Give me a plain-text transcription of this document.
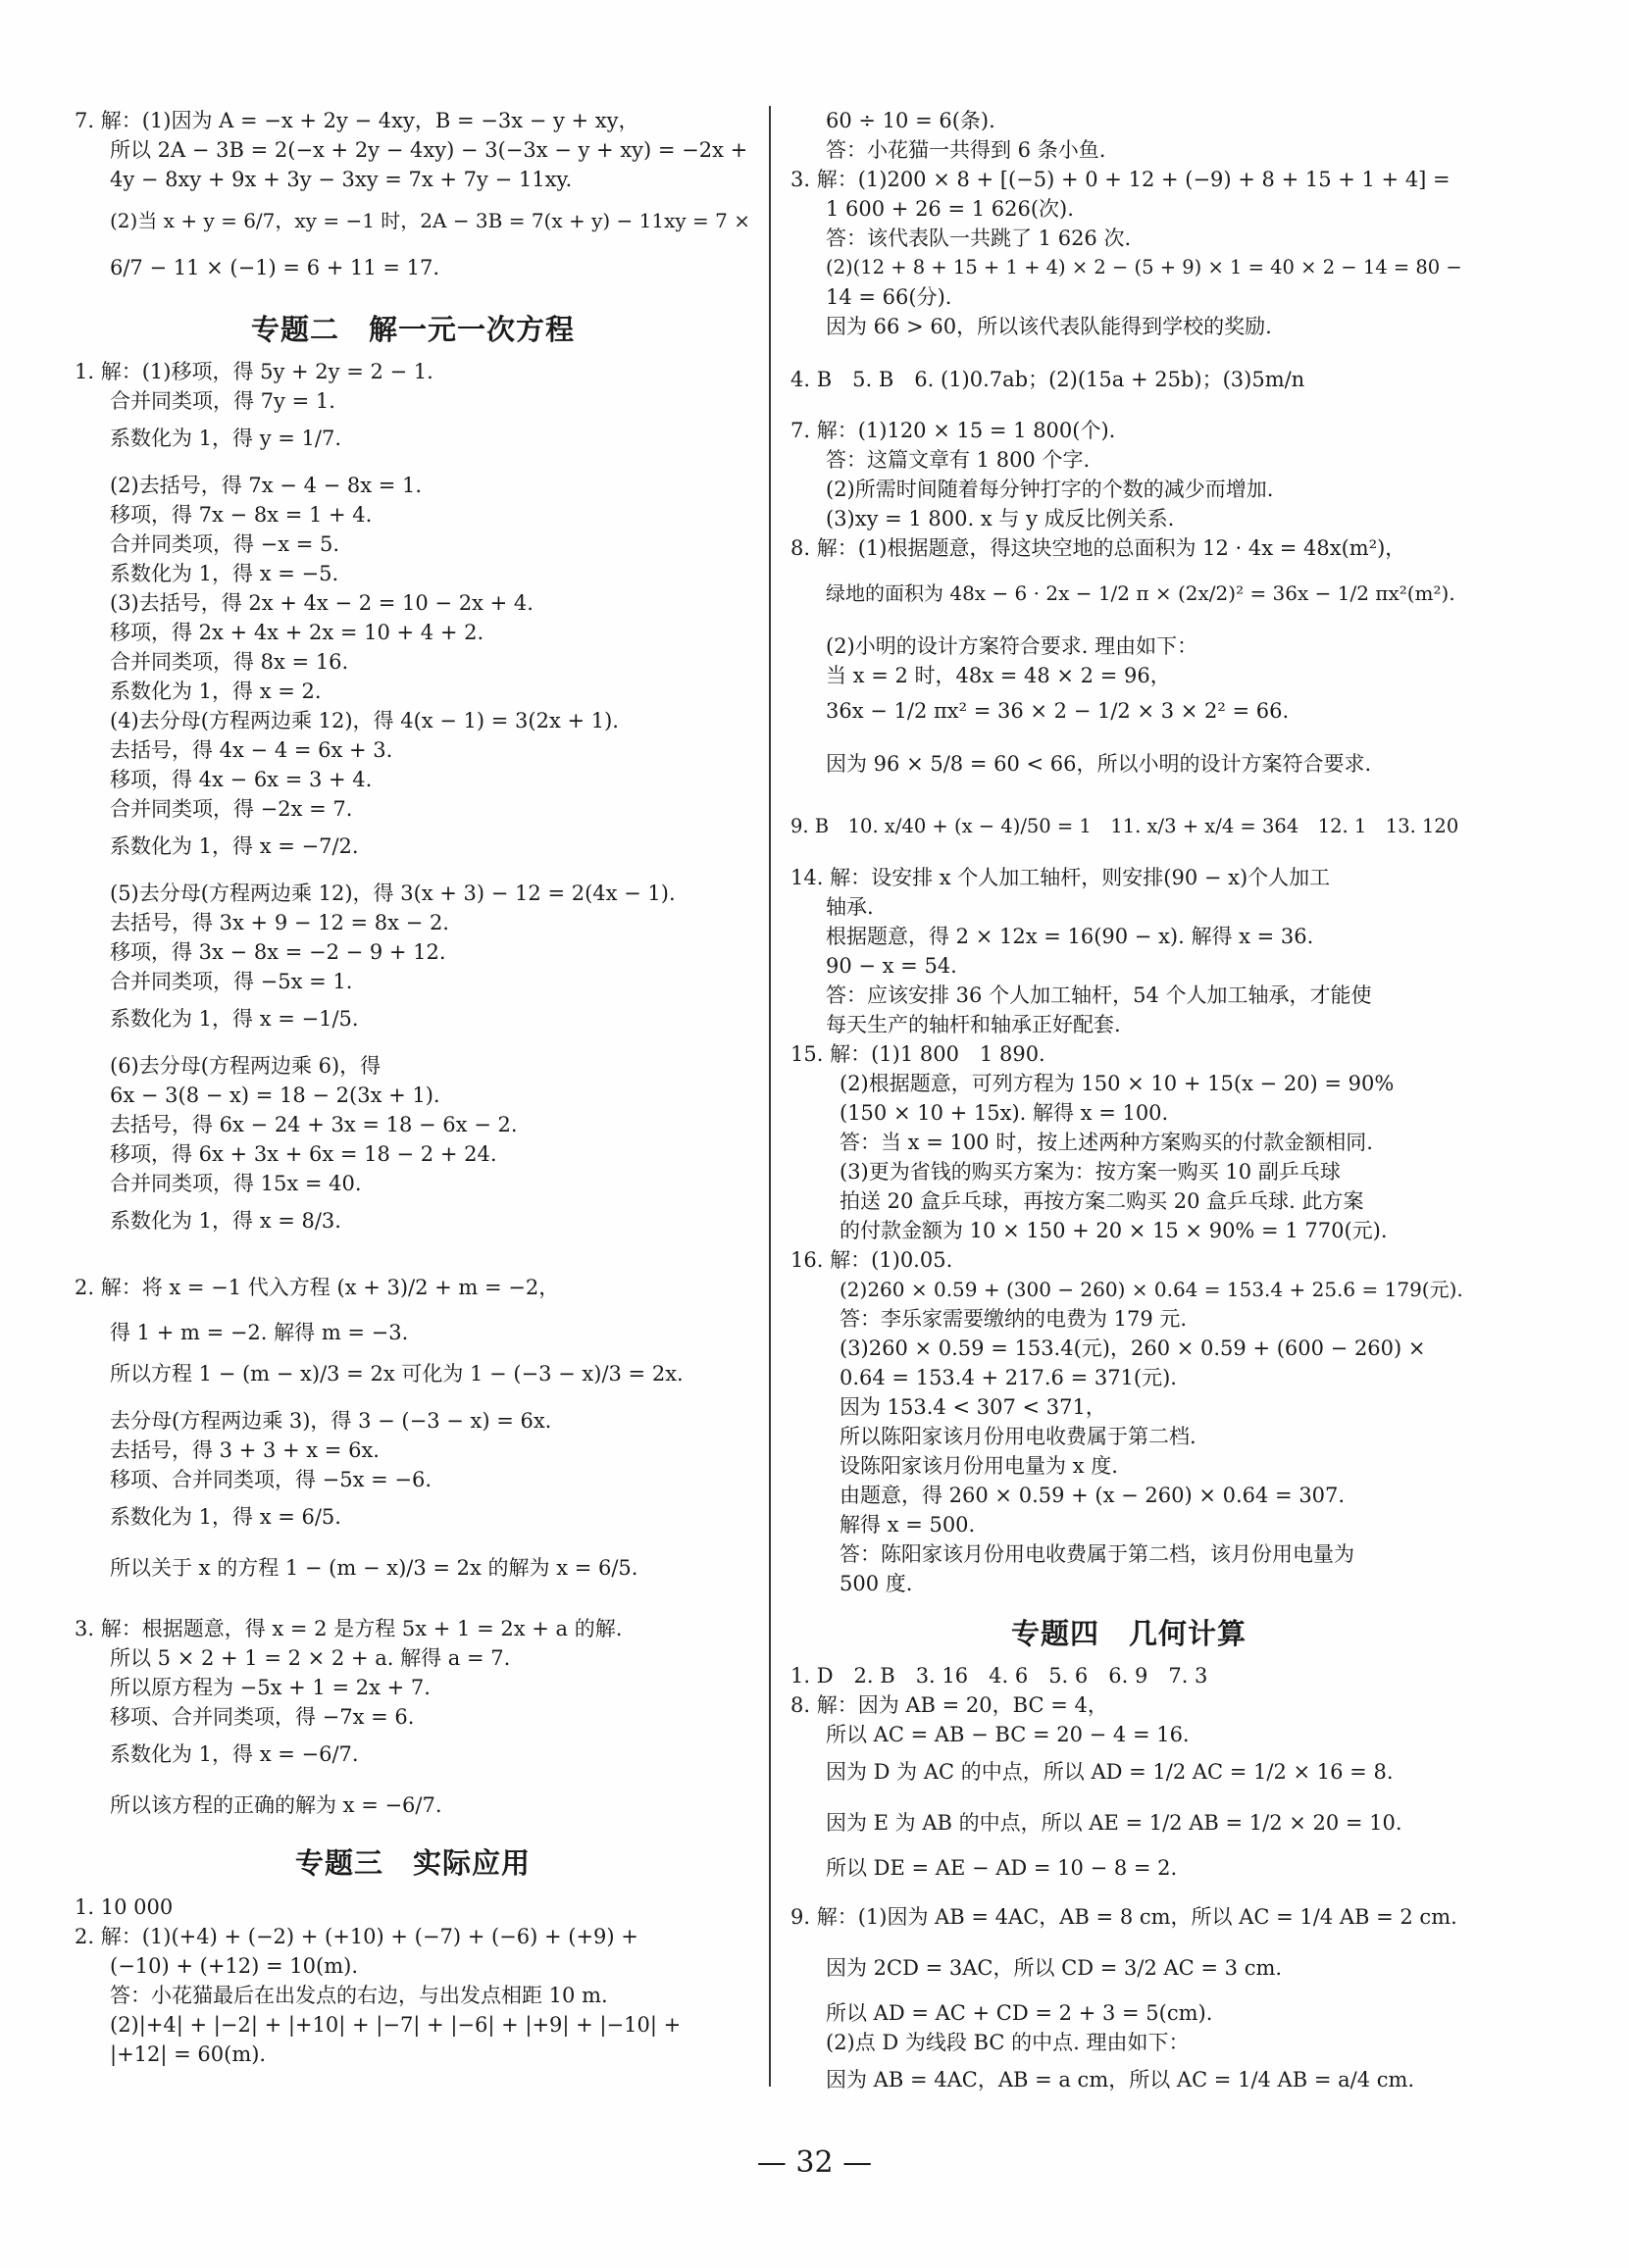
7. 解：(1)因为 A = −x + 2y − 4xy，B = −3x − y + xy，
所以 2A − 3B = 2(−x + 2y − 4xy) − 3(−3x − y + xy) = −2x +
4y − 8xy + 9x + 3y − 3xy = 7x + 7y − 11xy.
(2)当 x + y = 6/7，xy = −1 时，2A − 3B = 7(x + y) − 11xy = 7 ×
6/7 − 11 × (−1) = 6 + 11 = 17.
专题二　解一元一次方程
1. 解：(1)移项，得 5y + 2y = 2 − 1.
合并同类项，得 7y = 1.
系数化为 1，得 y = 1/7.
(2)去括号，得 7x − 4 − 8x = 1.
移项，得 7x − 8x = 1 + 4.
合并同类项，得 −x = 5.
系数化为 1，得 x = −5.
(3)去括号，得 2x + 4x − 2 = 10 − 2x + 4.
移项，得 2x + 4x + 2x = 10 + 4 + 2.
合并同类项，得 8x = 16.
系数化为 1，得 x = 2.
(4)去分母(方程两边乘 12)，得 4(x − 1) = 3(2x + 1).
去括号，得 4x − 4 = 6x + 3.
移项，得 4x − 6x = 3 + 4.
合并同类项，得 −2x = 7.
系数化为 1，得 x = −7/2.
(5)去分母(方程两边乘 12)，得 3(x + 3) − 12 = 2(4x − 1).
去括号，得 3x + 9 − 12 = 8x − 2.
移项，得 3x − 8x = −2 − 9 + 12.
合并同类项，得 −5x = 1.
系数化为 1，得 x = −1/5.
(6)去分母(方程两边乘 6)，得
6x − 3(8 − x) = 18 − 2(3x + 1).
去括号，得 6x − 24 + 3x = 18 − 6x − 2.
移项，得 6x + 3x + 6x = 18 − 2 + 24.
合并同类项，得 15x = 40.
系数化为 1，得 x = 8/3.
2. 解：将 x = −1 代入方程 (x + 3)/2 + m = −2，
得 1 + m = −2. 解得 m = −3.
所以方程 1 − (m − x)/3 = 2x 可化为 1 − (−3 − x)/3 = 2x.
去分母(方程两边乘 3)，得 3 − (−3 − x) = 6x.
去括号，得 3 + 3 + x = 6x.
移项、合并同类项，得 −5x = −6.
系数化为 1，得 x = 6/5.
所以关于 x 的方程 1 − (m − x)/3 = 2x 的解为 x = 6/5.
3. 解：根据题意，得 x = 2 是方程 5x + 1 = 2x + a 的解.
所以 5 × 2 + 1 = 2 × 2 + a. 解得 a = 7.
所以原方程为 −5x + 1 = 2x + 7.
移项、合并同类项，得 −7x = 6.
系数化为 1，得 x = −6/7.
所以该方程的正确的解为 x = −6/7.
专题三　实际应用
1. 10 000
2. 解：(1)(+4) + (−2) + (+10) + (−7) + (−6) + (+9) +
(−10) + (+12) = 10(m).
答：小花猫最后在出发点的右边，与出发点相距 10 m.
(2)|+4| + |−2| + |+10| + |−7| + |−6| + |+9| + |−10| +
|+12| = 60(m).
60 ÷ 10 = 6(条).
答：小花猫一共得到 6 条小鱼.
3. 解：(1)200 × 8 + [(−5) + 0 + 12 + (−9) + 8 + 15 + 1 + 4] =
1 600 + 26 = 1 626(次).
答：该代表队一共跳了 1 626 次.
(2)(12 + 8 + 15 + 1 + 4) × 2 − (5 + 9) × 1 = 40 × 2 − 14 = 80 −
14 = 66(分).
因为 66 > 60，所以该代表队能得到学校的奖励.
4. B　5. B　6. (1)0.7ab；(2)(15a + 25b)；(3)5m/n
7. 解：(1)120 × 15 = 1 800(个).
答：这篇文章有 1 800 个字.
(2)所需时间随着每分钟打字的个数的减少而增加.
(3)xy = 1 800. x 与 y 成反比例关系.
8. 解：(1)根据题意，得这块空地的总面积为 12 · 4x = 48x(m²)，
绿地的面积为 48x − 6 · 2x − 1/2 π × (2x/2)² = 36x − 1/2 πx²(m²).
(2)小明的设计方案符合要求. 理由如下：
当 x = 2 时，48x = 48 × 2 = 96，
36x − 1/2 πx² = 36 × 2 − 1/2 × 3 × 2² = 66.
因为 96 × 5/8 = 60 < 66，所以小明的设计方案符合要求.
9. B　10. x/40 + (x − 4)/50 = 1　11. x/3 + x/4 = 364　12. 1　13. 120
14. 解：设安排 x 个人加工轴杆，则安排(90 − x)个人加工
轴承.
根据题意，得 2 × 12x = 16(90 − x). 解得 x = 36.
90 − x = 54.
答：应该安排 36 个人加工轴杆，54 个人加工轴承，才能使
每天生产的轴杆和轴承正好配套.
15. 解：(1)1 800　1 890.
(2)根据题意，可列方程为 150 × 10 + 15(x − 20) = 90%
(150 × 10 + 15x). 解得 x = 100.
答：当 x = 100 时，按上述两种方案购买的付款金额相同.
(3)更为省钱的购买方案为：按方案一购买 10 副乒乓球
拍送 20 盒乒乓球，再按方案二购买 20 盒乒乓球. 此方案
的付款金额为 10 × 150 + 20 × 15 × 90% = 1 770(元).
16. 解：(1)0.05.
(2)260 × 0.59 + (300 − 260) × 0.64 = 153.4 + 25.6 = 179(元).
答：李乐家需要缴纳的电费为 179 元.
(3)260 × 0.59 = 153.4(元)，260 × 0.59 + (600 − 260) ×
0.64 = 153.4 + 217.6 = 371(元).
因为 153.4 < 307 < 371，
所以陈阳家该月份用电收费属于第二档.
设陈阳家该月份用电量为 x 度.
由题意，得 260 × 0.59 + (x − 260) × 0.64 = 307.
解得 x = 500.
答：陈阳家该月份用电收费属于第二档，该月份用电量为
500 度.
专题四　几何计算
1. D　2. B　3. 16　4. 6　5. 6　6. 9　7. 3
8. 解：因为 AB = 20，BC = 4，
所以 AC = AB − BC = 20 − 4 = 16.
因为 D 为 AC 的中点，所以 AD = 1/2 AC = 1/2 × 16 = 8.
因为 E 为 AB 的中点，所以 AE = 1/2 AB = 1/2 × 20 = 10.
所以 DE = AE − AD = 10 − 8 = 2.
9. 解：(1)因为 AB = 4AC，AB = 8 cm，所以 AC = 1/4 AB = 2 cm.
因为 2CD = 3AC，所以 CD = 3/2 AC = 3 cm.
所以 AD = AC + CD = 2 + 3 = 5(cm).
(2)点 D 为线段 BC 的中点. 理由如下：
因为 AB = 4AC，AB = a cm，所以 AC = 1/4 AB = a/4 cm.
— 32 —
